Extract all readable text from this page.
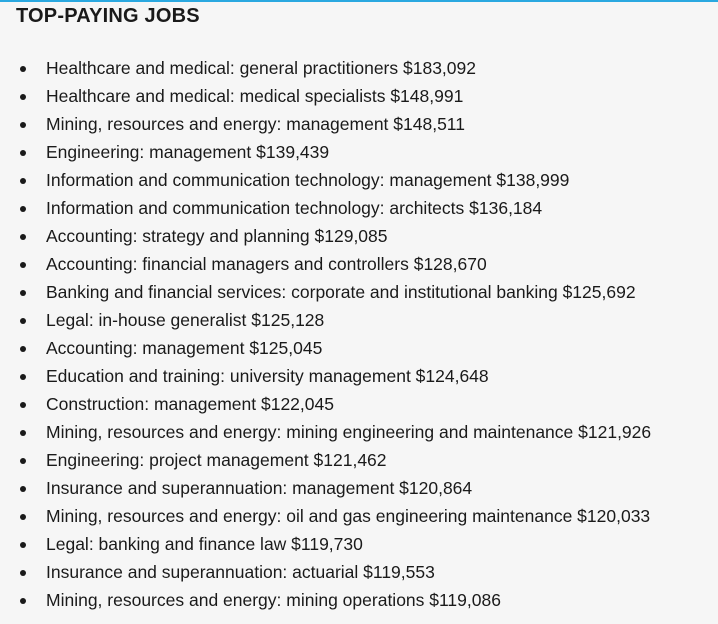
TOP-PAYING JOBS
Healthcare and medical: general practitioners $183,092
Healthcare and medical: medical specialists $148,991
Mining, resources and energy: management $148,511
Engineering: management $139,439
Information and communication technology: management $138,999
Information and communication technology: architects $136,184
Accounting: strategy and planning $129,085
Accounting: financial managers and controllers $128,670
Banking and financial services: corporate and institutional banking $125,692
Legal: in-house generalist $125,128
Accounting: management $125,045
Education and training: university management $124,648
Construction: management $122,045
Mining, resources and energy: mining engineering and maintenance $121,926
Engineering: project management $121,462
Insurance and superannuation: management $120,864
Mining, resources and energy: oil and gas engineering maintenance $120,033
Legal: banking and finance law $119,730
Insurance and superannuation: actuarial $119,553
Mining, resources and energy: mining operations $119,086
